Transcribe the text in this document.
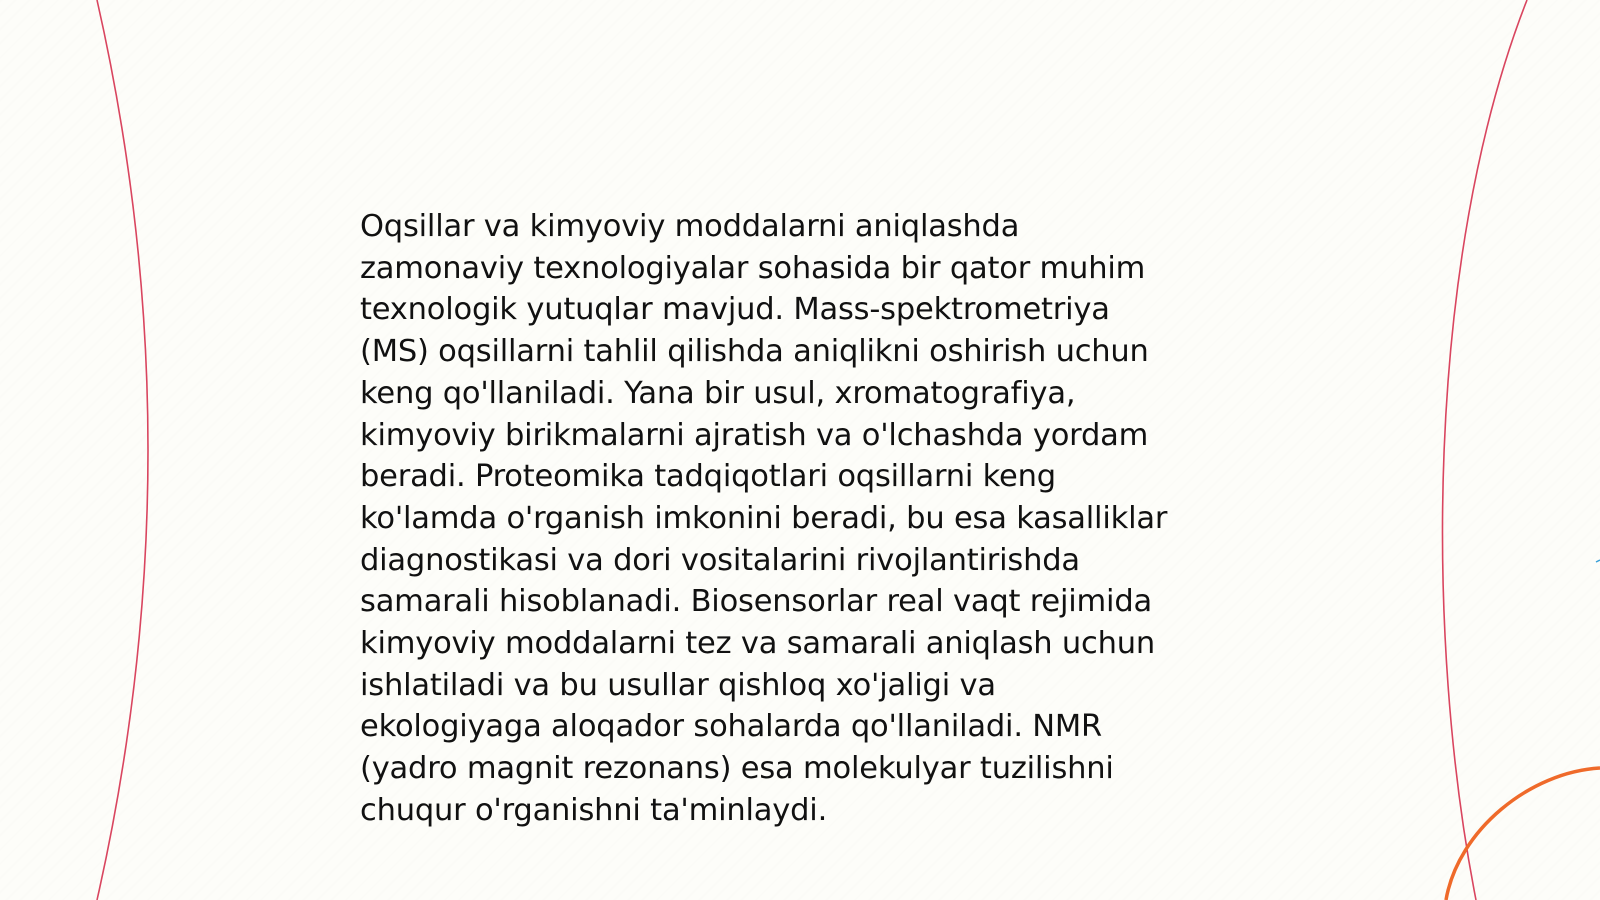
Oqsillar va kimyoviy moddalarni aniqlashda
zamonaviy texnologiyalar sohasida bir qator muhim
texnologik yutuqlar mavjud. Mass-spektrometriya
(MS) oqsillarni tahlil qilishda aniqlikni oshirish uchun
keng qo'llaniladi. Yana bir usul, xromatografiya,
kimyoviy birikmalarni ajratish va o'lchashda yordam
beradi. Proteomika tadqiqotlari oqsillarni keng
ko'lamda o'rganish imkonini beradi, bu esa kasalliklar
diagnostikasi va dori vositalarini rivojlantirishda
samarali hisoblanadi. Biosensorlar real vaqt rejimida
kimyoviy moddalarni tez va samarali aniqlash uchun
ishlatiladi va bu usullar qishloq xo'jaligi va
ekologiyaga aloqador sohalarda qo'llaniladi. NMR
(yadro magnit rezonans) esa molekulyar tuzilishni
chuqur o'rganishni ta'minlaydi.
